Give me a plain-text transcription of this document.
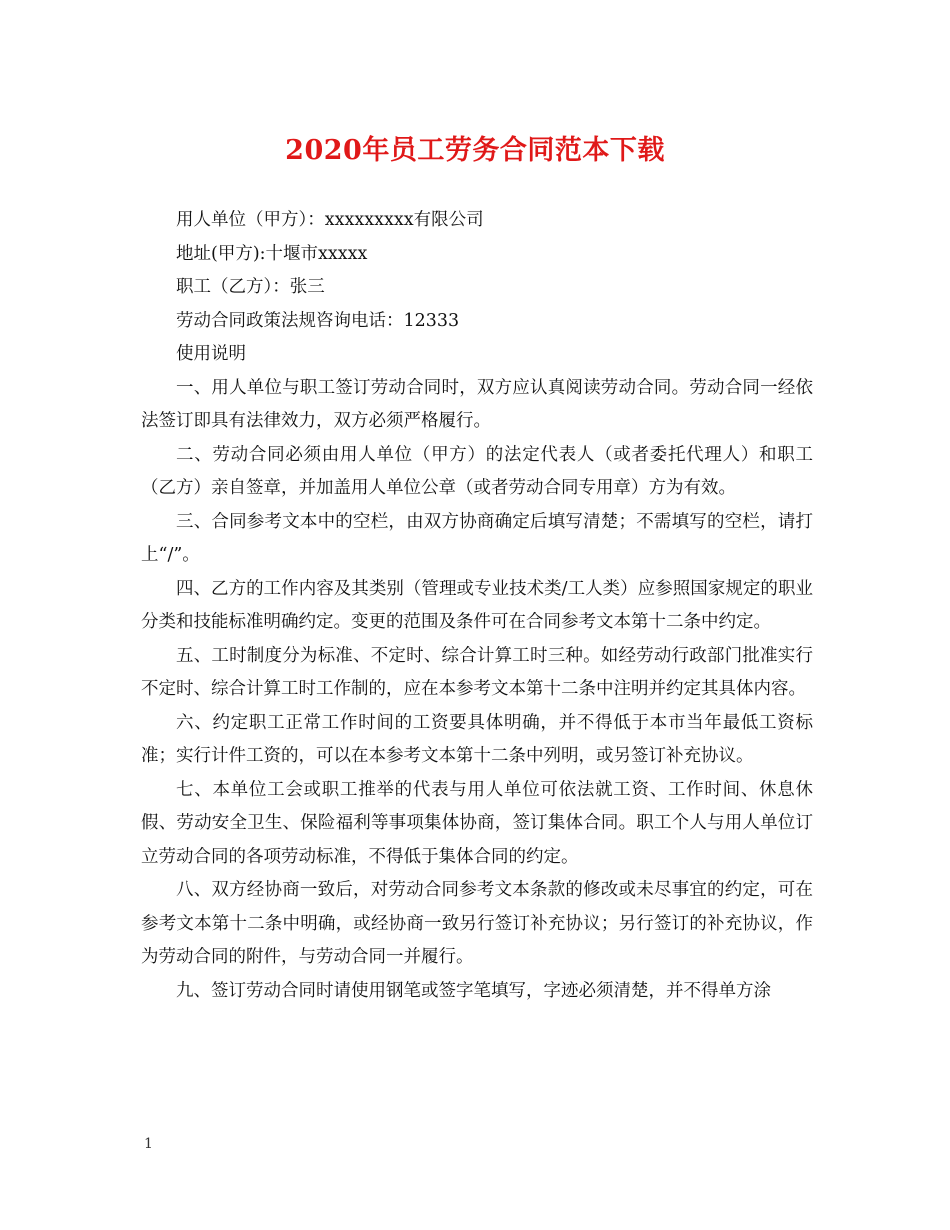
2020年员工劳务合同范本下载

用人单位（甲方）：xxxxxxxxx有限公司

地址(甲方):十堰市xxxxx

职工（乙方）：张三

劳动合同政策法规咨询电话：12333

使用说明

一、用人单位与职工签订劳动合同时，双方应认真阅读劳动合同。劳动合同一经依法签订即具有法律效力，双方必须严格履行。

二、劳动合同必须由用人单位（甲方）的法定代表人（或者委托代理人）和职工（乙方）亲自签章，并加盖用人单位公章（或者劳动合同专用章）方为有效。

三、合同参考文本中的空栏，由双方协商确定后填写清楚；不需填写的空栏，请打上“/”。

四、乙方的工作内容及其类别（管理或专业技术类/工人类）应参照国家规定的职业分类和技能标准明确约定。变更的范围及条件可在合同参考文本第十二条中约定。

五、工时制度分为标准、不定时、综合计算工时三种。如经劳动行政部门批准实行不定时、综合计算工时工作制的，应在本参考文本第十二条中注明并约定其具体内容。

六、约定职工正常工作时间的工资要具体明确，并不得低于本市当年最低工资标准；实行计件工资的，可以在本参考文本第十二条中列明，或另签订补充协议。

七、本单位工会或职工推举的代表与用人单位可依法就工资、工作时间、休息休假、劳动安全卫生、保险福利等事项集体协商，签订集体合同。职工个人与用人单位订立劳动合同的各项劳动标准，不得低于集体合同的约定。

八、双方经协商一致后，对劳动合同参考文本条款的修改或未尽事宜的约定，可在参考文本第十二条中明确，或经协商一致另行签订补充协议；另行签订的补充协议，作为劳动合同的附件，与劳动合同一并履行。

九、签订劳动合同时请使用钢笔或签字笔填写，字迹必须清楚，并不得单方涂

1
